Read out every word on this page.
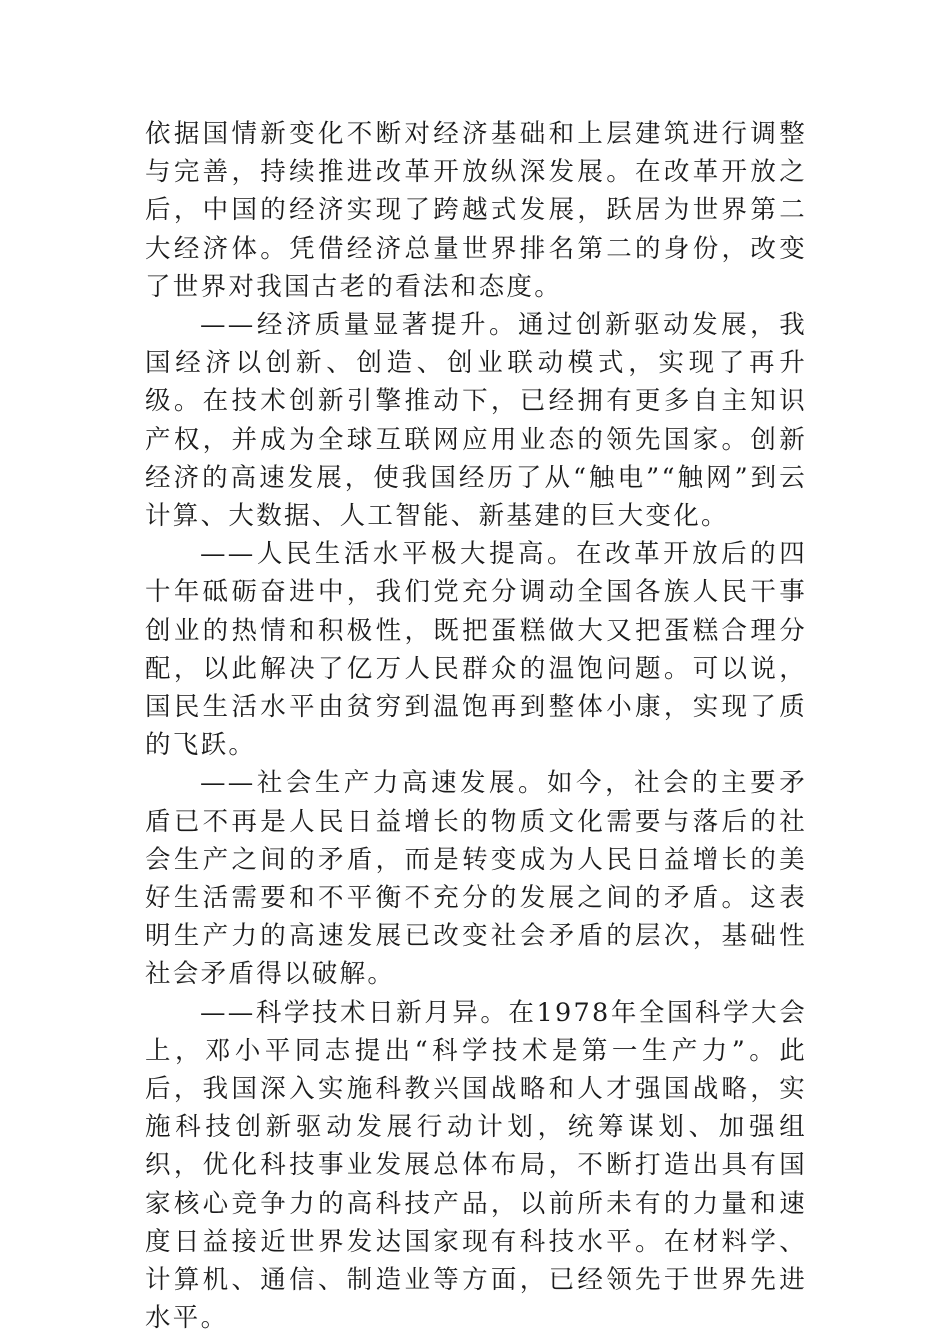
依据国情新变化不断对经济基础和上层建筑进行调整与完善，持续推进改革开放纵深发展。在改革开放之后，中国的经济实现了跨越式发展，跃居为世界第二大经济体。凭借经济总量世界排名第二的身份，改变了世界对我国古老的看法和态度。

——经济质量显著提升。通过创新驱动发展，我国经济以创新、创造、创业联动模式，实现了再升级。在技术创新引擎推动下，已经拥有更多自主知识产权，并成为全球互联网应用业态的领先国家。创新经济的高速发展，使我国经历了从“触电”“触网”到云计算、大数据、人工智能、新基建的巨大变化。

——人民生活水平极大提高。在改革开放后的四十年砥砺奋进中，我们党充分调动全国各族人民干事创业的热情和积极性，既把蛋糕做大又把蛋糕合理分配，以此解决了亿万人民群众的温饱问题。可以说，国民生活水平由贫穷到温饱再到整体小康，实现了质的飞跃。

——社会生产力高速发展。如今，社会的主要矛盾已不再是人民日益增长的物质文化需要与落后的社会生产之间的矛盾，而是转变成为人民日益增长的美好生活需要和不平衡不充分的发展之间的矛盾。这表明生产力的高速发展已改变社会矛盾的层次，基础性社会矛盾得以破解。

——科学技术日新月异。在1978年全国科学大会上，邓小平同志提出“科学技术是第一生产力”。此后，我国深入实施科教兴国战略和人才强国战略，实施科技创新驱动发展行动计划，统筹谋划、加强组织，优化科技事业发展总体布局，不断打造出具有国家核心竞争力的高科技产品，以前所未有的力量和速度日益接近世界发达国家现有科技水平。在材料学、计算机、通信、制造业等方面，已经领先于世界先进水平。
